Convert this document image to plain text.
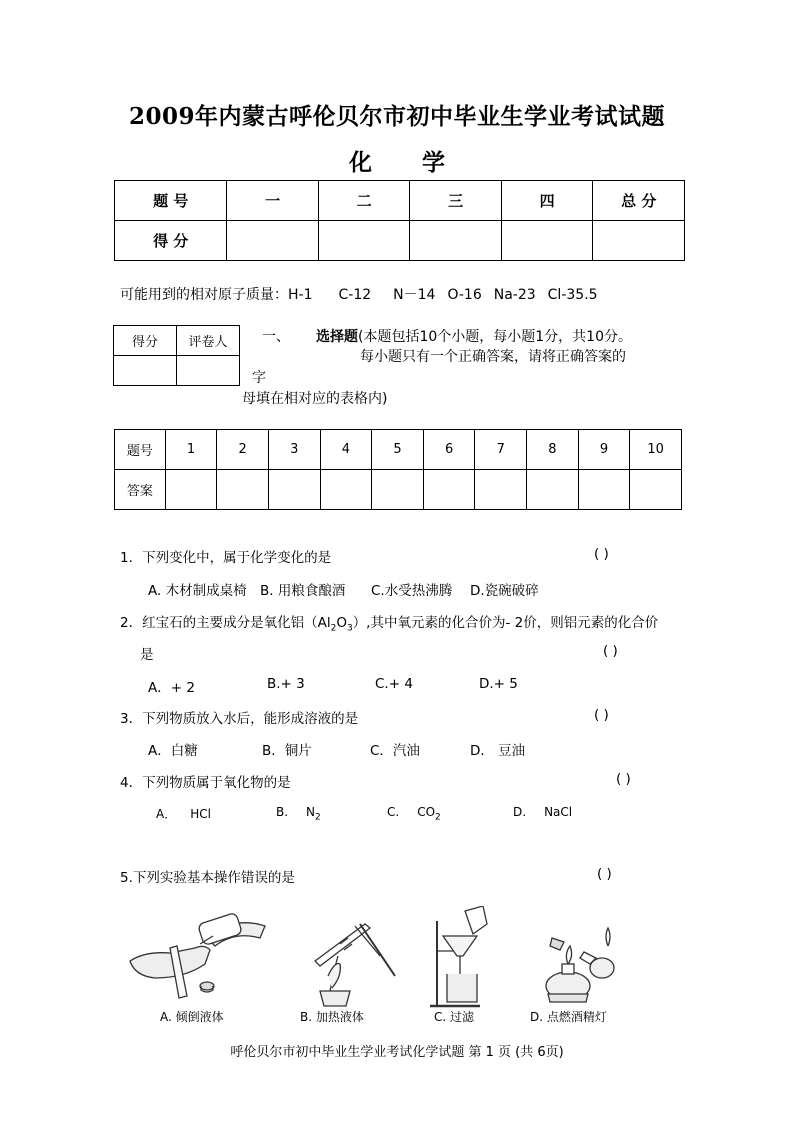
2009年内蒙古呼伦贝尔市初中毕业生学业考试试题
化 学
题 号	一	二	三	四	总 分
得 分					
可能用到的相对原子质量：H-1 C-12 N－14 O-16 Na-23 Cl-35.5
得分	评卷人
	一、 选择题(本题包括10个小题，每小题1分，共10分。
每小题只有一个正确答案，请将正确答案的
字
母填在相对应的表格内)
题号	1	2	3	4	5	6	7	8	9	10
答案										
1．下列变化中，属于化学变化的是	( )
A. 木材制成桌椅 B. 用粮食酿酒 C.水受热沸腾 D.瓷碗破碎
2．红宝石的主要成分是氧化铝$(Al_2O_3)$,其中氧元素的化合价为- 2价，则铝元素的化合价
是	( )
A．+ 2	B.+ 3	C.+ 4	D.+ 5
3．下列物质放入水后，能形成溶液的是	( )
A．白糖	B．铜片	C．汽油	D． 豆油
4．下列物质属于氧化物的是	( )
A． HCl	B. $N_2$	C. $CO_2$	D. NaCl
5.下列实验基本操作错误的是	( )
A. 倾倒液体	B. 加热液体	C. 过滤	D. 点燃酒精灯
呼伦贝尔市初中毕业生学业考试化学试题 第 1 页 (共 6页)
